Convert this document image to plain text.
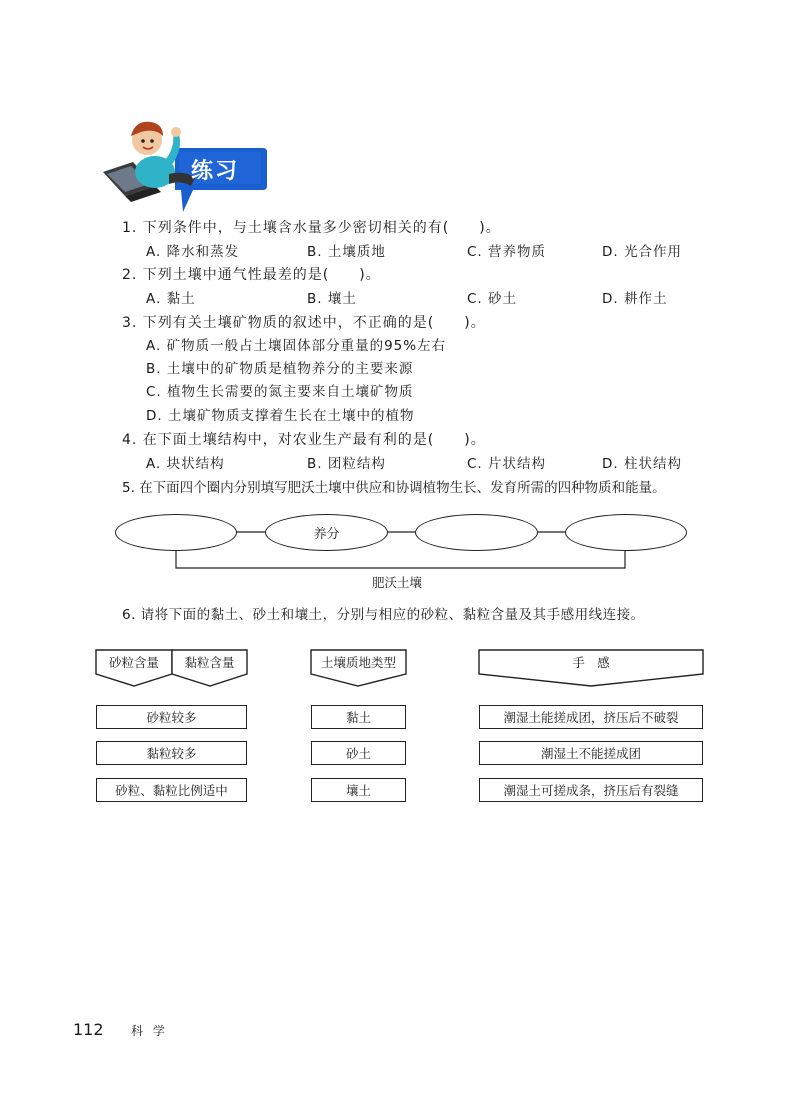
练习
1. 下列条件中，与土壤含水量多少密切相关的有(　　)。
A. 降水和蒸发	B. 土壤质地	C. 营养物质	D. 光合作用
2. 下列土壤中通气性最差的是(　　)。
A. 黏土	B. 壤土	C. 砂土	D. 耕作土
3. 下列有关土壤矿物质的叙述中，不正确的是(　　)。
A. 矿物质一般占土壤固体部分重量的95%左右
B. 土壤中的矿物质是植物养分的主要来源
C. 植物生长需要的氮主要来自土壤矿物质
D. 土壤矿物质支撑着生长在土壤中的植物
4. 在下面土壤结构中，对农业生产最有利的是(　　)。
A. 块状结构	B. 团粒结构	C. 片状结构	D. 柱状结构
5. 在下面四个圈内分别填写肥沃土壤中供应和协调植物生长、发育所需的四种物质和能量。
养分
肥沃土壤
6. 请将下面的黏土、砂土和壤土，分别与相应的砂粒、黏粒含量及其手感用线连接。
砂粒含量	黏粒含量	土壤质地类型	手　感
砂粒较多
黏粒较多
砂粒、黏粒比例适中
黏土
砂土
壤土
潮湿土能搓成团，挤压后不破裂
潮湿土不能搓成团
潮湿土可搓成条，挤压后有裂缝
112 科 学
